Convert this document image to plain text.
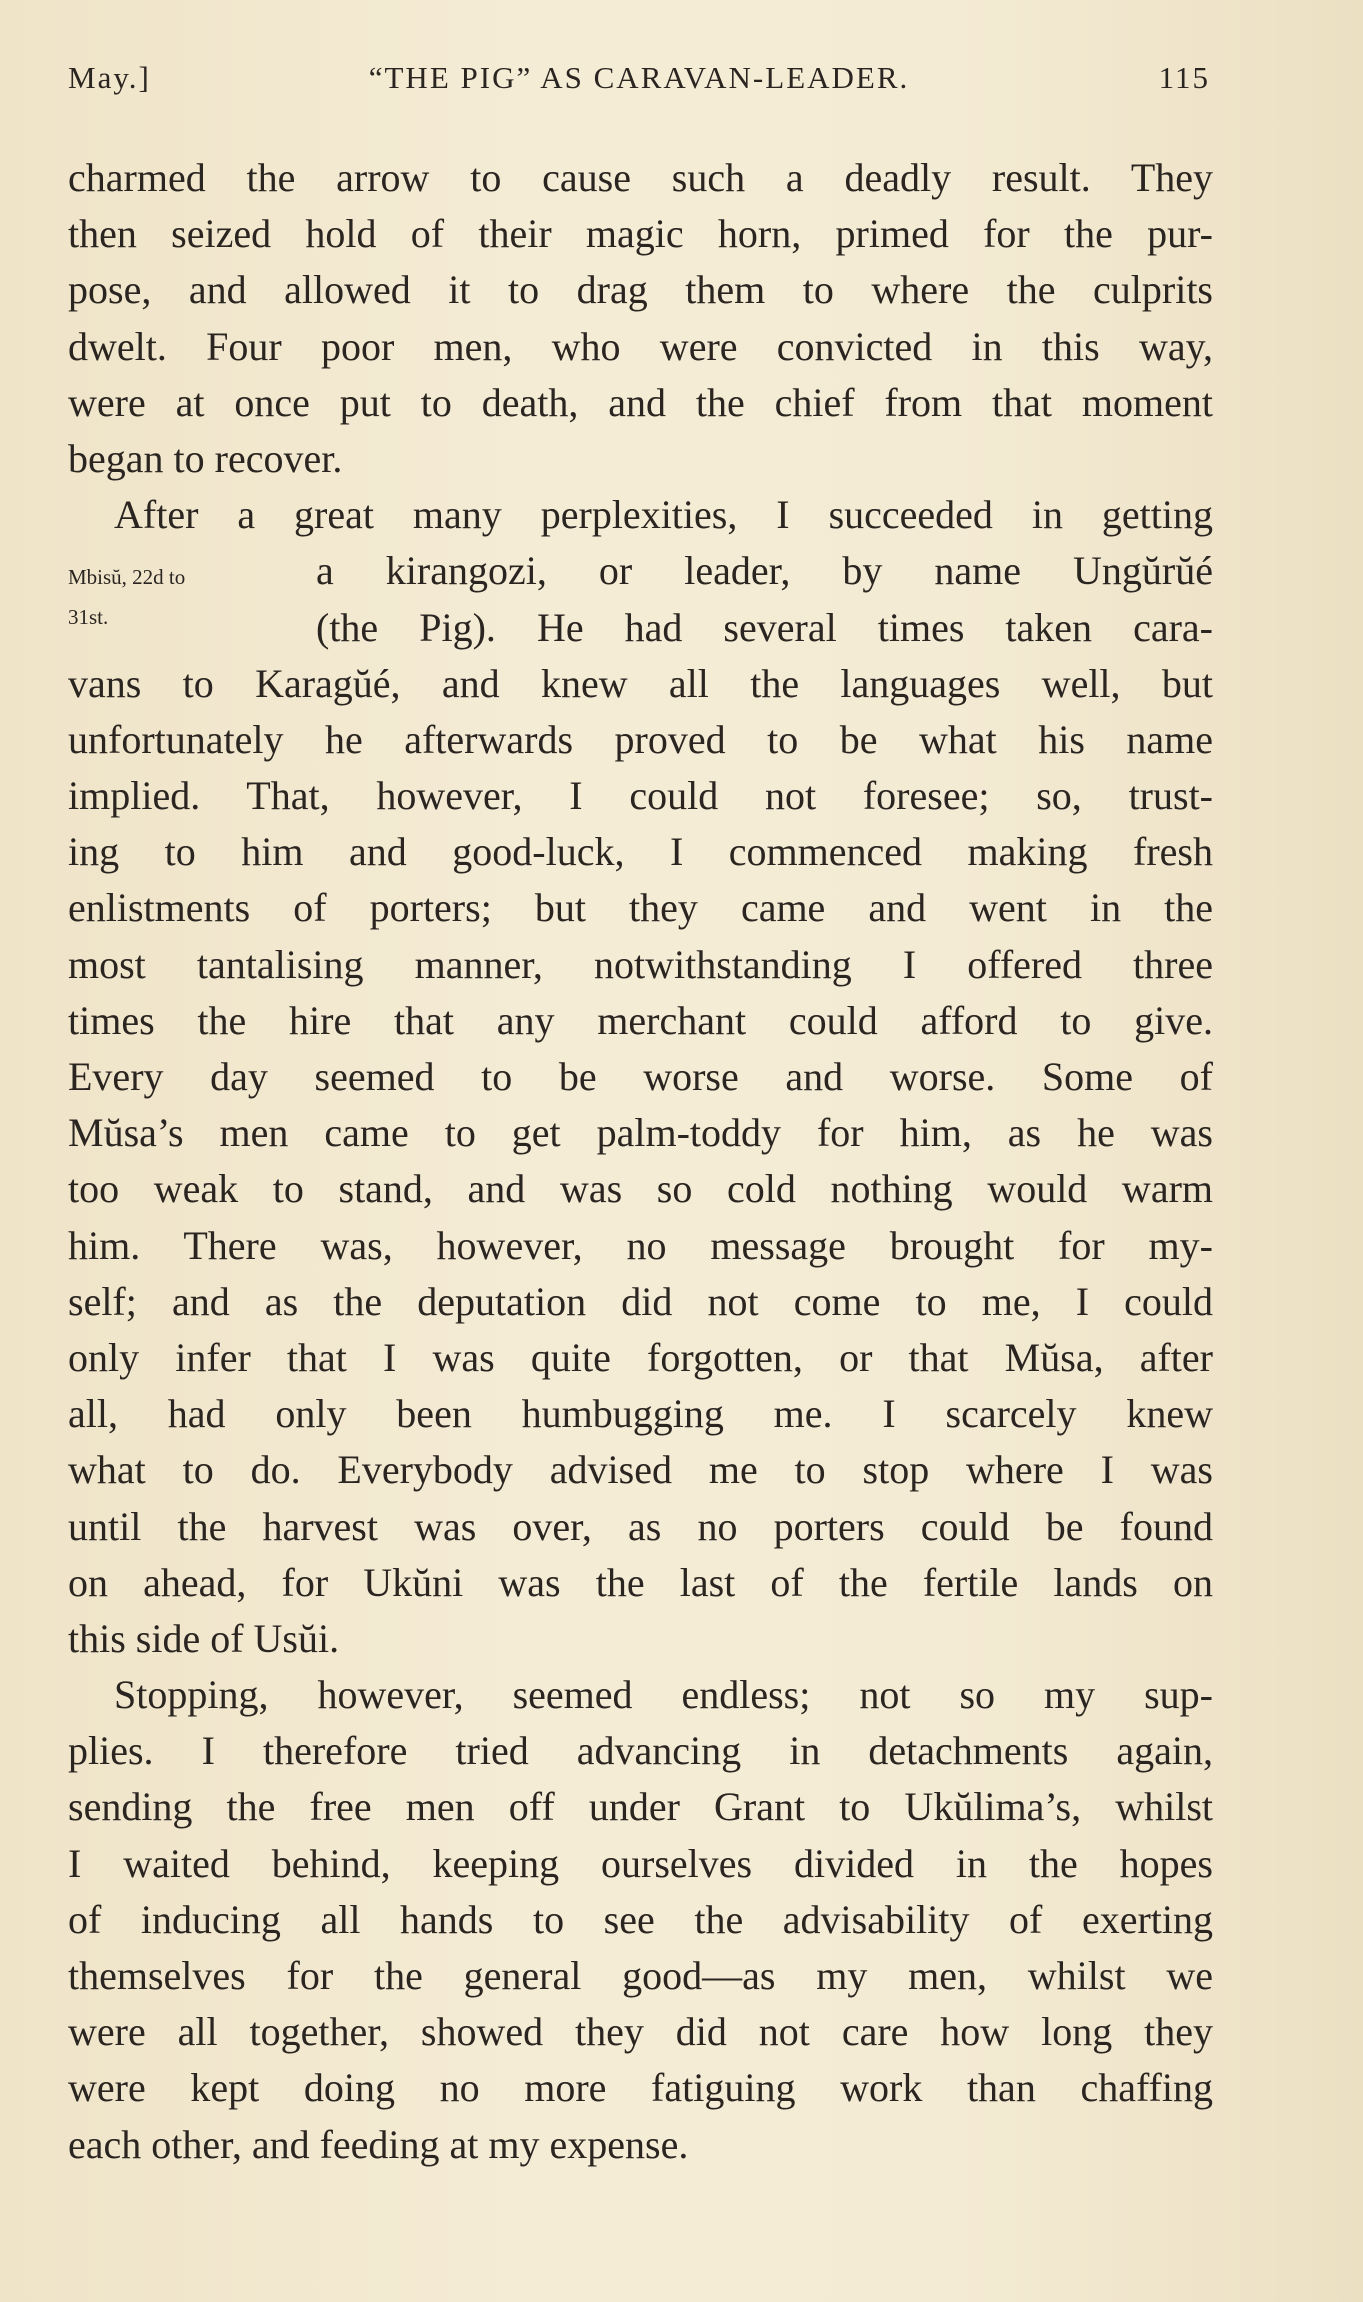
“THE PIG” AS CARAVAN-LEADER.
May.]	115
Mbisŭ, 22d to
31st.
charmed the arrow to cause such a deadly result. They
then seized hold of their magic horn, primed for the pur-
pose, and allowed it to drag them to where the culprits
dwelt. Four poor men, who were convicted in this way,
were at once put to death, and the chief from that moment
began to recover.
After a great many perplexities, I succeeded in getting
a kirangozi, or leader, by name Ungŭrŭé
(the Pig). He had several times taken cara-
vans to Karagŭé, and knew all the languages well, but
unfortunately he afterwards proved to be what his name
implied. That, however, I could not foresee; so, trust-
ing to him and good-luck, I commenced making fresh
enlistments of porters; but they came and went in the
most tantalising manner, notwithstanding I offered three
times the hire that any merchant could afford to give.
Every day seemed to be worse and worse. Some of
Mŭsa’s men came to get palm-toddy for him, as he was
too weak to stand, and was so cold nothing would warm
him. There was, however, no message brought for my-
self; and as the deputation did not come to me, I could
only infer that I was quite forgotten, or that Mŭsa, after
all, had only been humbugging me. I scarcely knew
what to do. Everybody advised me to stop where I was
until the harvest was over, as no porters could be found
on ahead, for Ukŭni was the last of the fertile lands on
this side of Usŭi.
Stopping, however, seemed endless; not so my sup-
plies. I therefore tried advancing in detachments again,
sending the free men off under Grant to Ukŭlima’s, whilst
I waited behind, keeping ourselves divided in the hopes
of inducing all hands to see the advisability of exerting
themselves for the general good—as my men, whilst we
were all together, showed they did not care how long they
were kept doing no more fatiguing work than chaffing
each other, and feeding at my expense.
